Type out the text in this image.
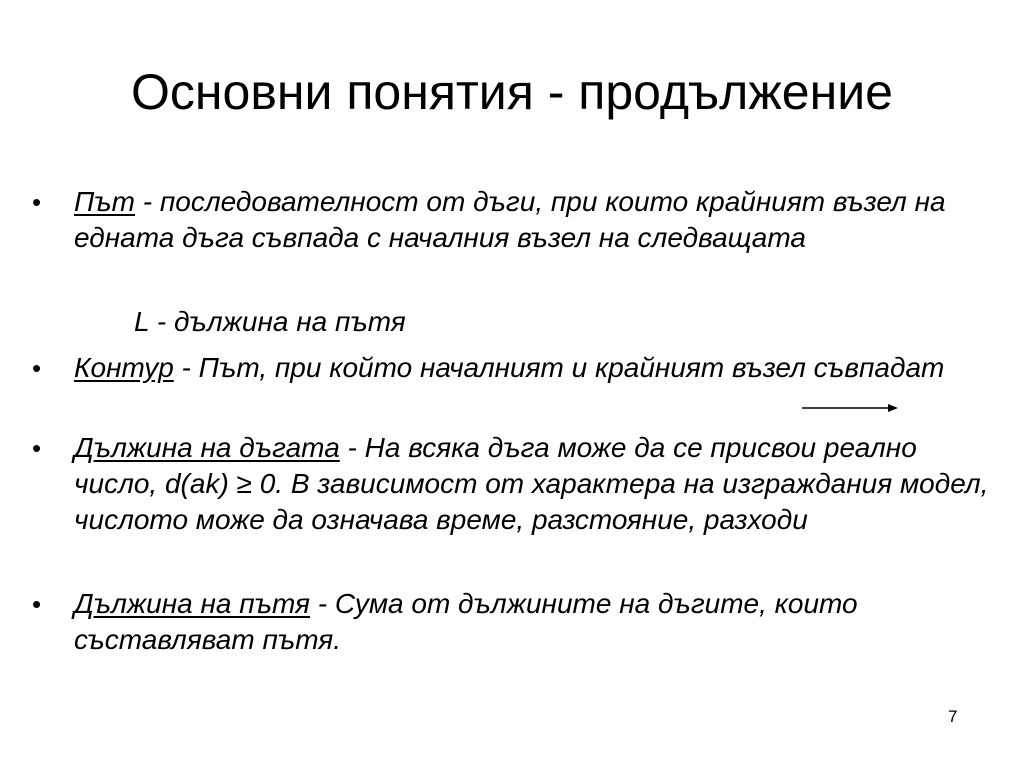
Основни понятия - продължение
• Път - последователност от дъги, при които крайният възел на едната дъга съвпада с началния възел на следващата
• Контур - Път, при който началният и крайният възел съвпадат
• Дължина на дъгата - На всяка дъга може да се присвои реално число, d(ak) ≥ 0. В зависимост от характера на изграждания модел, числото може да означава време, разстояние, разходи
• Дължина на пътя - Сума от дължините на дъгите, които съставляват пътя.
L - дължина на пътя
7
